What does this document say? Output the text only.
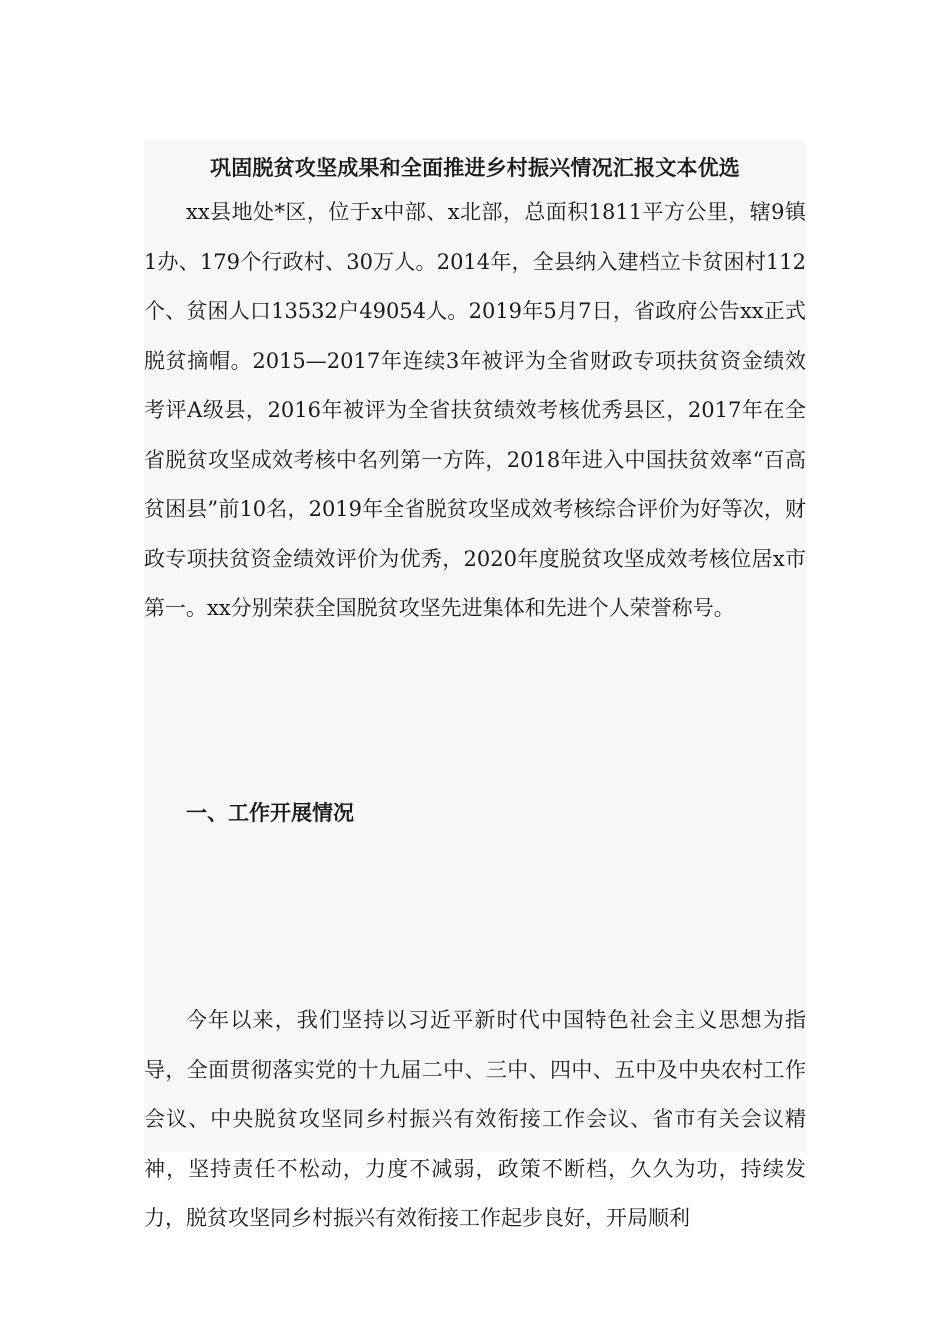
巩固脱贫攻坚成果和全面推进乡村振兴情况汇报文本优选

xx县地处*区，位于x中部、x北部，总面积1811平方公里，辖9镇1办、179个行政村、30万人。2014年，全县纳入建档立卡贫困村112个、贫困人口13532户49054人。2019年5月7日，省政府公告xx正式脱贫摘帽。2015—2017年连续3年被评为全省财政专项扶贫资金绩效考评A级县，2016年被评为全省扶贫绩效考核优秀县区，2017年在全省脱贫攻坚成效考核中名列第一方阵，2018年进入中国扶贫效率“百高贫困县”前10名，2019年全省脱贫攻坚成效考核综合评价为好等次，财政专项扶贫资金绩效评价为优秀，2020年度脱贫攻坚成效考核位居x市第一。xx分别荣获全国脱贫攻坚先进集体和先进个人荣誉称号。

一、工作开展情况

今年以来，我们坚持以习近平新时代中国特色社会主义思想为指导，全面贯彻落实党的十九届二中、三中、四中、五中及中央农村工作会议、中央脱贫攻坚同乡村振兴有效衔接工作会议、省市有关会议精神，坚持责任不松动，力度不减弱，政策不断档，久久为功，持续发力，脱贫攻坚同乡村振兴有效衔接工作起步良好，开局顺利
